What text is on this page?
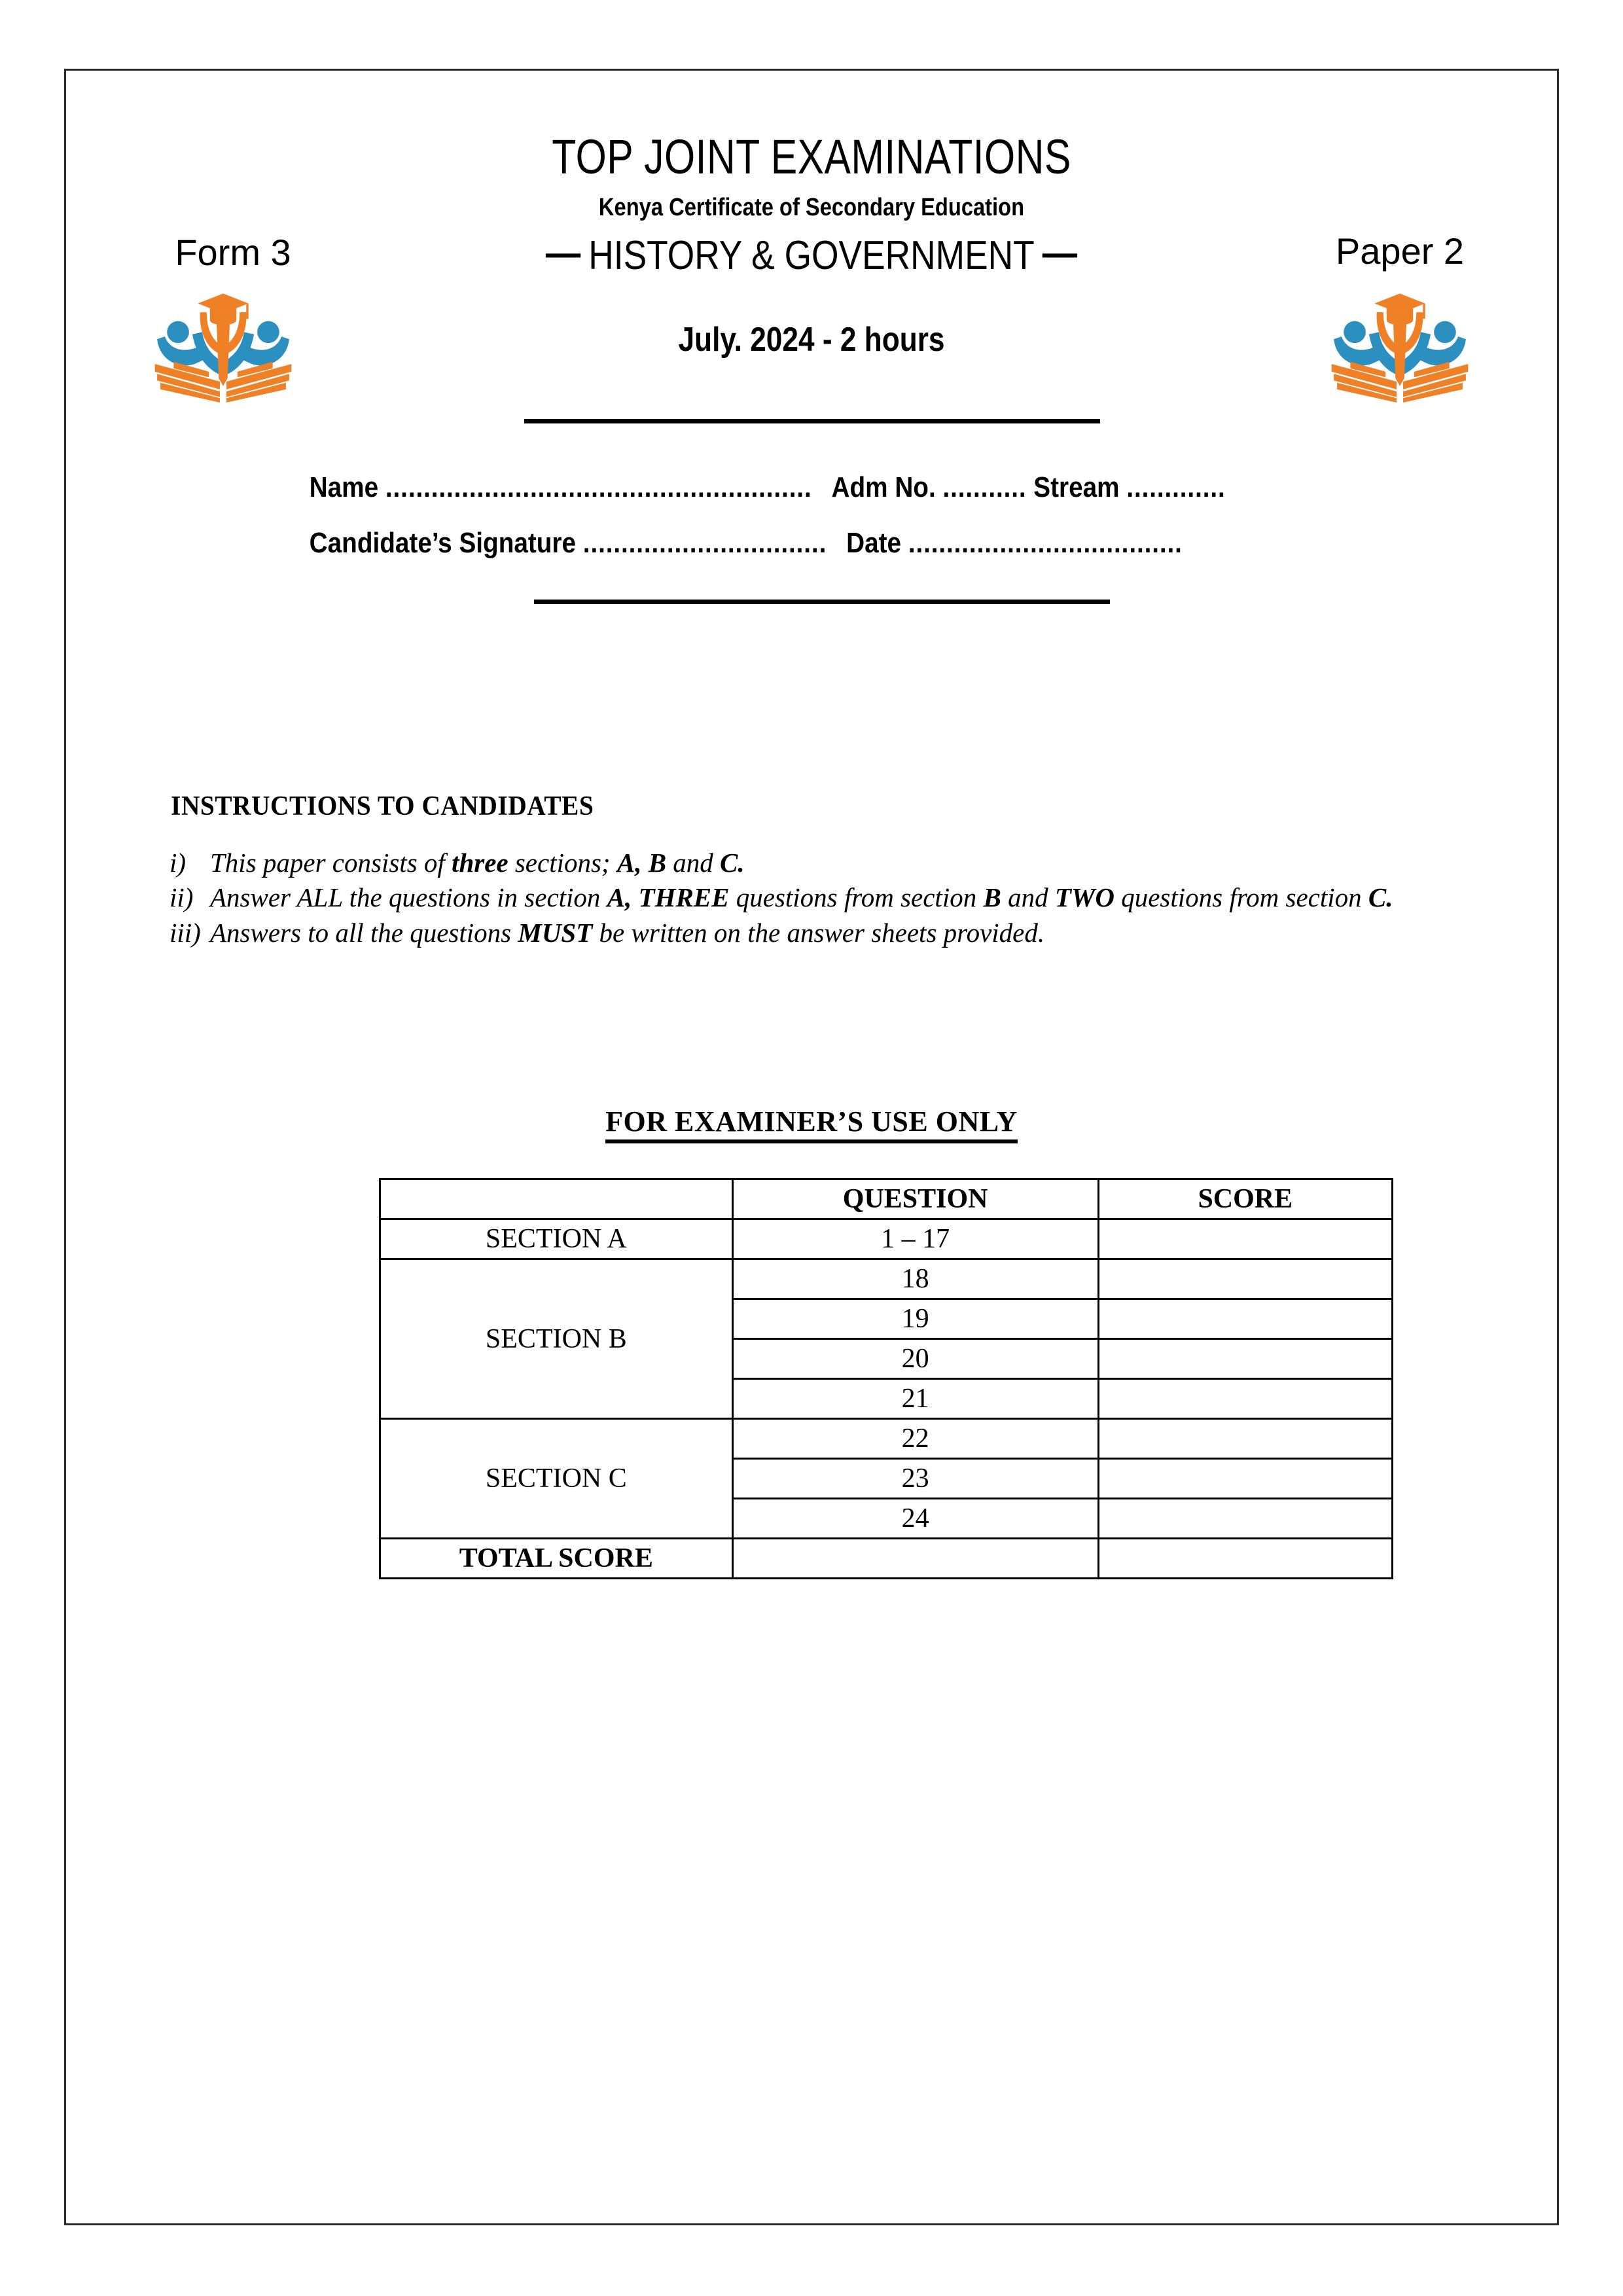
TOP JOINT EXAMINATIONS
Kenya Certificate of Secondary Education
Form 3	Paper 2
— HISTORY & GOVERNMENT —
July. 2024 - 2 hours
Name ........................................................ Adm No. ........... Stream .............
Candidate’s Signature ................................ Date ....................................
INSTRUCTIONS TO CANDIDATES
i) This paper consists of three sections; A, B and C.
ii) Answer ALL the questions in section A, THREE questions from section B and TWO questions from section C.
iii) Answers to all the questions MUST be written on the answer sheets provided.
FOR EXAMINER’S USE ONLY
	QUESTION	SCORE
SECTION A	1 – 17	
SECTION B	18	
	19	
	20	
	21	
SECTION C	22	
	23	
	24	
TOTAL SCORE		
